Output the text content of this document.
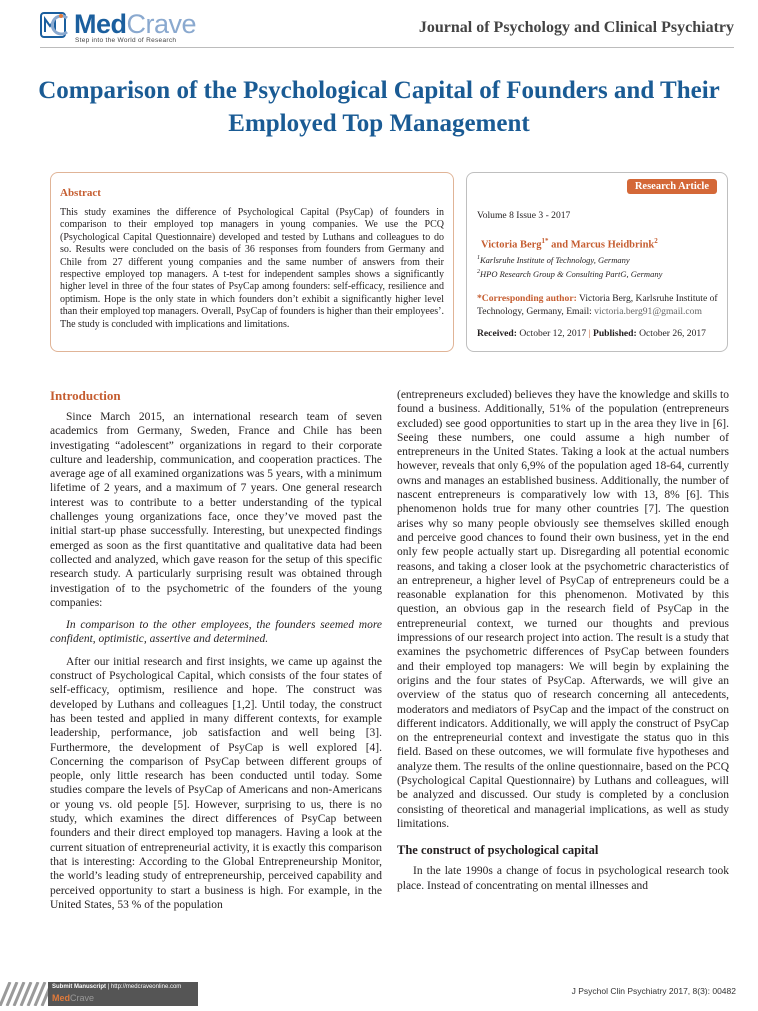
MedCrave
Step into the World of Research
Journal of Psychology and Clinical Psychiatry
Comparison of the Psychological Capital of Founders and Their Employed Top Management

Abstract

This study examines the difference of Psychological Capital (PsyCap) of founders in comparison to their employed top managers in young companies. We use the PCQ (Psychological Capital Questionnaire) developed and tested by Luthans and colleagues to do so. Results were concluded on the basis of 36 responses from founders from Germany and Chile from 27 different young companies and the same number of answers from their respective employed top managers. A t-test for independent samples shows a significantly higher level in three of the four states of PsyCap among founders: self-efficacy, resilience and optimism. Hope is the only state in which founders don’t exhibit a significantly higher level than their employed top managers. Overall, PsyCap of founders is higher than their employees’. The study is concluded with implications and limitations.

Research Article
Volume 8 Issue 3 - 2017
Victoria Berg$^{1*}$ and Marcus Heidbrink$^2$
$^1$Karlsruhe Institute of Technology, Germany
$^2$HPO Research Group & Consulting PartG, Germany
*Corresponding author: Victoria Berg, Karlsruhe Institute of Technology, Germany, Email: victoria.berg91@gmail.com
Received: October 12, 2017 | Published: October 26, 2017
Introduction

Since March 2015, an international research team of seven academics from Germany, Sweden, France and Chile has been investigating “adolescent” organizations in regard to their corporate culture and leadership, communication, and cooperation practices. The average age of all examined organizations was 5 years, with a minimum lifetime of 2 years, and a maximum of 7 years. One general research interest was to contribute to a better understanding of the typical challenges young organizations face, once they’ve moved past the initial start-up phase successfully. Interesting, but unexpected findings emerged as soon as the first quantitative and qualitative data had been collected and analyzed, which gave reason for the setup of this specific research study. A particularly surprising result was obtained through investigation of to the psychometric of the founders of the young companies:

In comparison to the other employees, the founders seemed more confident, optimistic, assertive and determined.

After our initial research and first insights, we came up against the construct of Psychological Capital, which consists of the four states of self-efficacy, optimism, resilience and hope. The construct was developed by Luthans and colleagues [1,2]. Until today, the construct has been tested and applied in many different contexts, for example leadership, performance, job satisfaction and well being [3]. Furthermore, the development of PsyCap is well explored [4]. Concerning the comparison of PsyCap between different groups of people, only little research has been conducted until today. Some studies compare the levels of PsyCap of Americans and non-Americans or young vs. old people [5]. However, surprising to us, there is no study, which examines the direct differences of PsyCap between founders and their direct employed top managers. Having a look at the current situation of entrepreneurial activity, it is exactly this comparison that is interesting: According to the Global Entrepreneurship Monitor, the world’s leading study of entrepreneurship, perceived capability and perceived opportunity to start a business is high. For example, in the United States, 53 % of the population

(entrepreneurs excluded) believes they have the knowledge and skills to found a business. Additionally, 51% of the population (entrepreneurs excluded) see good opportunities to start up in the area they live in [6]. Seeing these numbers, one could assume a high number of entrepreneurs in the United States. Taking a look at the actual numbers however, reveals that only 6,9% of the population aged 18-64, currently owns and manages an established business. Additionally, the number of nascent entrepreneurs is comparatively low with 13, 8% [6]. This phenomenon holds true for many other countries [7]. The question arises why so many people obviously see themselves skilled enough and perceive good chances to found their own business, yet in the end only few people actually start up. Disregarding all potential economic reasons, and taking a closer look at the psychometric characteristics of an entrepreneur, a higher level of PsyCap of entrepreneurs could be a reasonable explanation for this phenomenon. Motivated by this question, an obvious gap in the research field of PsyCap in the entrepreneurial context, we turned our thoughts and previous impressions of our research project into action. The result is a study that examines the psychometric differences of PsyCap between founders and their employed top managers: We will begin by explaining the origins and the four states of PsyCap. Afterwards, we will give an overview of the status quo of research concerning all antecedents, moderators and mediators of PsyCap and the impact of the construct on different indicators. Additionally, we will apply the construct of PsyCap on the entrepreneurial context and investigate the status quo in this field. Based on these outcomes, we will formulate five hypotheses and analyze them. The results of the online questionnaire, based on the PCQ (Psychological Capital Questionnaire) by Luthans and colleagues, will be analyzed and discussed. Our study is completed by a conclusion consisting of theoretical and managerial implications, as well as study limitations.

The construct of psychological capital

In the late 1990s a change of focus in psychological research took place. Instead of concentrating on mental illnesses and

Submit Manuscript | http://medcraveonline.com
MedCrave
J Psychol Clin Psychiatry 2017, 8(3): 00482
